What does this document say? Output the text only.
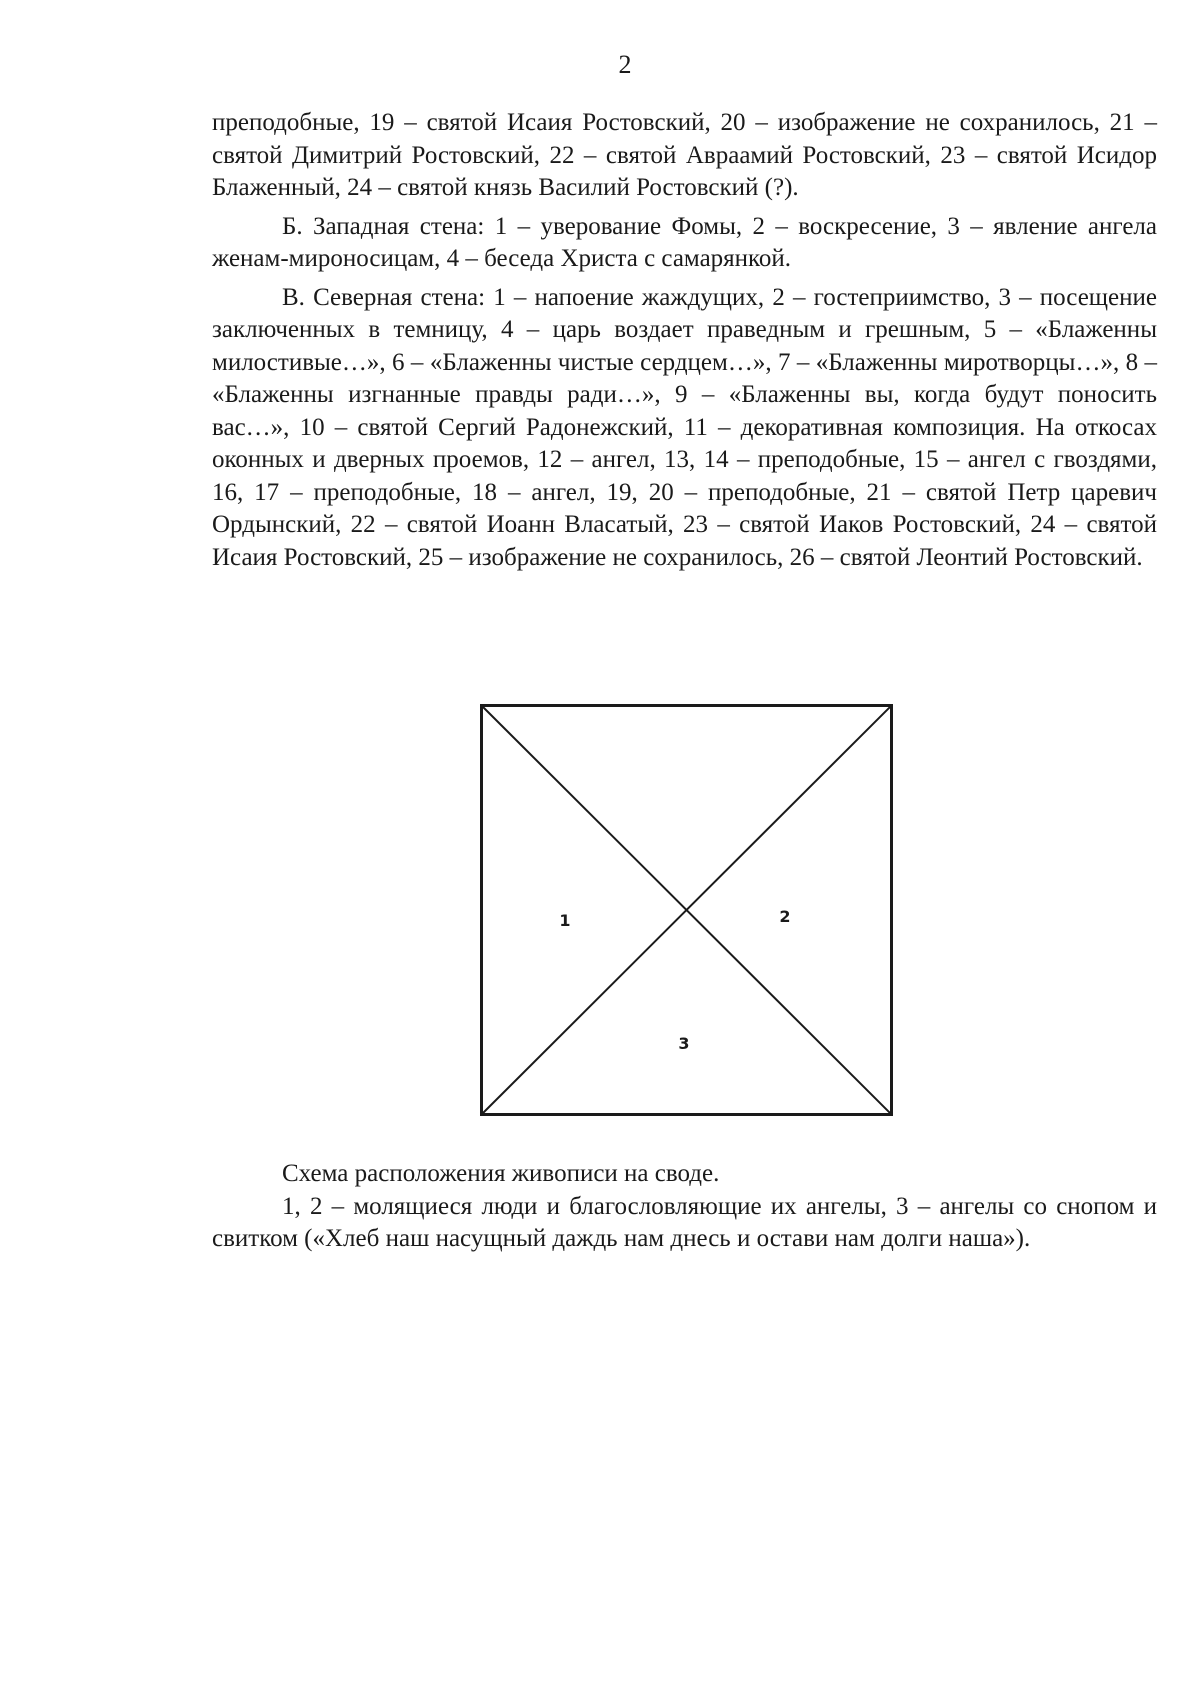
2

преподобные, 19 – святой Исаия Ростовский, 20 – изображение не сохранилось, 21 – святой Димитрий Ростовский, 22 – святой Авраамий Ростовский, 23 – святой Исидор Блаженный, 24 – святой князь Василий Ростовский (?).

Б. Западная стена: 1 – уверование Фомы, 2 – воскресение, 3 – явление ангела женам-мироносицам, 4 – беседа Христа с самарянкой.

В. Северная стена: 1 – напоение жаждущих, 2 – гостеприимство, 3 – посещение заключенных в темницу, 4 – царь воздает праведным и грешным, 5 – «Блаженны милостивые…», 6 – «Блаженны чистые сердцем…», 7 – «Блаженны миротворцы…», 8 – «Блаженны изгнанные правды ради…», 9 – «Блаженны вы, когда будут поносить вас…», 10 – святой Сергий Радонежский, 11 – декоративная композиция. На откосах оконных и дверных проемов, 12 – ангел, 13, 14 – преподобные, 15 – ангел с гвоздями, 16, 17 – преподобные, 18 – ангел, 19, 20 – преподобные, 21 – святой Петр царевич Ордынский, 22 – святой Иоанн Власатый, 23 – святой Иаков Ростовский, 24 – святой Исаия Ростовский, 25 – изображение не сохранилось, 26 – святой Леонтий Ростовский.

1	2
3

Схема расположения живописи на своде.

1, 2 – молящиеся люди и благословляющие их ангелы, 3 – ангелы со снопом и свитком («Хлеб наш насущный даждь нам днесь и остави нам долги наша»).
